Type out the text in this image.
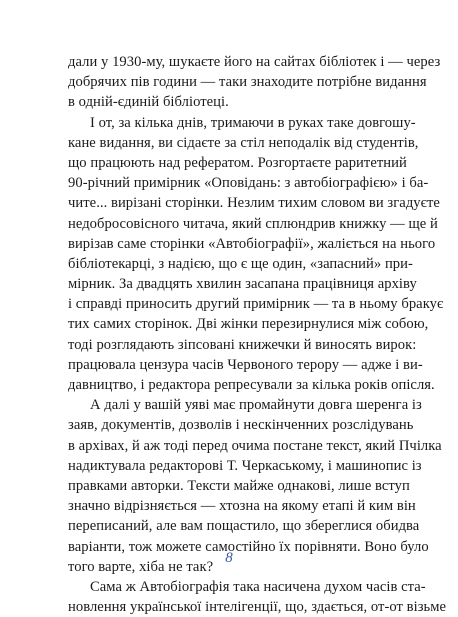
дали у 1930-му, шукаєте його на сайтах бібліотек і — через
добрячих пів години — таки знаходите потрібне видання
в одній-єдиній бібліотеці.
І от, за кілька днів, тримаючи в руках таке довгошу-
кане видання, ви сідаєте за стіл неподалік від студентів,
що працюють над рефератом. Розгортаєте раритетний
90-річний примірник «Оповідань: з автобіографією» і ба-
чите... вирізані сторінки. Незлим тихим словом ви згадуєте
недобросовісного читача, який сплюндрив книжку — ще й
вирізав саме сторінки «Автобіографії», жаліється на нього
бібліотекарці, з надією, що є ще один, «запасний» при-
мірник. За двадцять хвилин засапана працівниця архіву
і справді приносить другий примірник — та в ньому бракує
тих самих сторінок. Дві жінки перезирнулися між собою,
тоді розглядають зіпсовані книжечки й виносять вирок:
працювала цензура часів Червоного терору — адже і ви-
давництво, і редактора репресували за кілька років опісля.
А далі у вашій уяві має промайнути довга шеренга із
заяв, документів, дозволів і нескінченних розслідувань
в архівах, й аж тоді перед очима постане текст, який Пчілка
надиктувала редакторові Т. Черкаському, і машинопис із
правками авторки. Тексти майже однакові, лише вступ
значно відрізняється — хтозна на якому етапі й ким він
переписаний, але вам пощастило, що збереглися обидва
варіанти, тож можете самостійно їх порівняти. Воно було
того варте, хіба не так?
Сама ж Автобіографія така насичена духом часів ста-
новлення української інтелігенції, що, здається, от-от візьме
8
